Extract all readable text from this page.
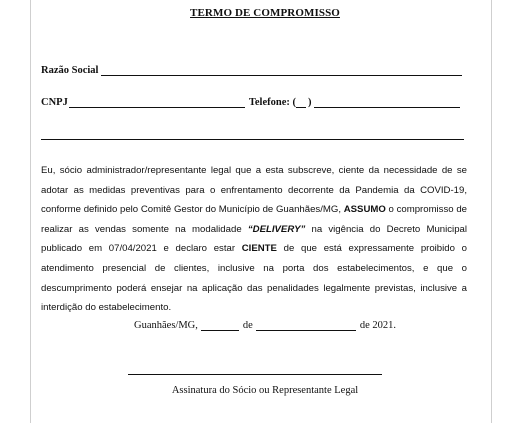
TERMO DE COMPROMISSO
Razão Social
CNPJ	Telefone: ( )
Eu, sócio administrador/representante legal que a esta subscreve, ciente da necessidade de se adotar as medidas preventivas para o enfrentamento decorrente da Pandemia da COVID-19, conforme definido pelo Comitê Gestor do Município de Guanhães/MG, ASSUMO o compromisso de realizar as vendas somente na modalidade “DELIVERY” na vigência do Decreto Municipal publicado em 07/04/2021 e declaro estar CIENTE de que está expressamente proibido o atendimento presencial de clientes, inclusive na porta dos estabelecimentos, e que o descumprimento poderá ensejar na aplicação das penalidades legalmente previstas, inclusive a interdição do estabelecimento.
Guanhães/MG,	de	de 2021.
Assinatura do Sócio ou Representante Legal
